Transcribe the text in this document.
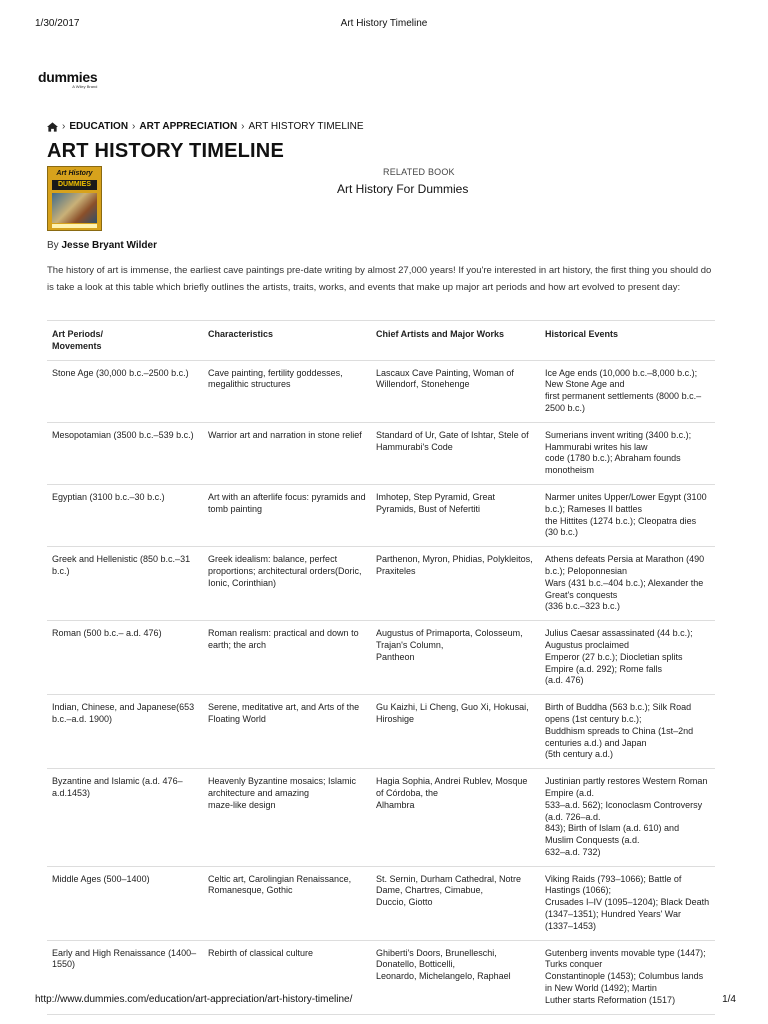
1/30/2017	Art History Timeline
dummies
A Wiley Brand
› EDUCATION › ART APPRECIATION › ART HISTORY TIMELINE
ART HISTORY TIMELINE
Art History
DUMMIES
RELATED BOOK
Art History For Dummies
By Jesse Bryant Wilder

The history of art is immense, the earliest cave paintings pre-date writing by almost 27,000 years! If you're interested in art history, the first thing you should do is take a look at this table which briefly outlines the artists, traits, works, and events that make up major art periods and how art evolved to present day:

Art Periods/
Movements	Characteristics	Chief Artists and Major Works	Historical Events
Stone Age (30,000 b.c.–2500 b.c.)	Cave painting, fertility goddesses, megalithic structures	Lascaux Cave Painting, Woman of Willendorf, Stonehenge	Ice Age ends (10,000 b.c.–8,000 b.c.); New Stone Age and
first permanent settlements (8000 b.c.–2500 b.c.)
Mesopotamian (3500 b.c.–539 b.c.)	Warrior art and narration in stone relief	Standard of Ur, Gate of Ishtar, Stele of Hammurabi's Code	Sumerians invent writing (3400 b.c.); Hammurabi writes his law
code (1780 b.c.); Abraham founds monotheism
Egyptian (3100 b.c.–30 b.c.)	Art with an afterlife focus: pyramids and tomb painting	Imhotep, Step Pyramid, Great Pyramids, Bust of Nefertiti	Narmer unites Upper/Lower Egypt (3100 b.c.); Rameses II battles
the Hittites (1274 b.c.); Cleopatra dies (30 b.c.)
Greek and Hellenistic (850 b.c.–31 b.c.)	Greek idealism: balance, perfect proportions; architectural orders(Doric, Ionic, Corinthian)	Parthenon, Myron, Phidias, Polykleitos, Praxiteles	Athens defeats Persia at Marathon (490 b.c.); Peloponnesian
Wars (431 b.c.–404 b.c.); Alexander the Great's conquests
(336 b.c.–323 b.c.)
Roman (500 b.c.– a.d. 476)	Roman realism: practical and down to earth; the arch	Augustus of Primaporta, Colosseum, Trajan's Column,
Pantheon	Julius Caesar assassinated (44 b.c.); Augustus proclaimed
Emperor (27 b.c.); Diocletian splits Empire (a.d. 292); Rome falls
(a.d. 476)
Indian, Chinese, and Japanese(653 b.c.–a.d. 1900)	Serene, meditative art, and Arts of the Floating World	Gu Kaizhi, Li Cheng, Guo Xi, Hokusai, Hiroshige	Birth of Buddha (563 b.c.); Silk Road opens (1st century b.c.);
Buddhism spreads to China (1st–2nd centuries a.d.) and Japan
(5th century a.d.)
Byzantine and Islamic (a.d. 476–a.d.1453)	Heavenly Byzantine mosaics; Islamic architecture and amazing
maze-like design	Hagia Sophia, Andrei Rublev, Mosque of Córdoba, the
Alhambra	Justinian partly restores Western Roman Empire (a.d.
533–a.d. 562); Iconoclasm Controversy (a.d. 726–a.d.
843); Birth of Islam (a.d. 610) and Muslim Conquests (a.d.
632–a.d. 732)
Middle Ages (500–1400)	Celtic art, Carolingian Renaissance, Romanesque, Gothic	St. Sernin, Durham Cathedral, Notre Dame, Chartres, Cimabue,
Duccio, Giotto	Viking Raids (793–1066); Battle of Hastings (1066);
Crusades I–IV (1095–1204); Black Death (1347–1351); Hundred Years' War (1337–1453)
Early and High Renaissance (1400–1550)	Rebirth of classical culture	Ghiberti's Doors, Brunelleschi, Donatello, Botticelli,
Leonardo, Michelangelo, Raphael	Gutenberg invents movable type (1447); Turks conquer
Constantinople (1453); Columbus lands in New World (1492); Martin
Luther starts Reformation (1517)
http://www.dummies.com/education/art-appreciation/art-history-timeline/	1/4
